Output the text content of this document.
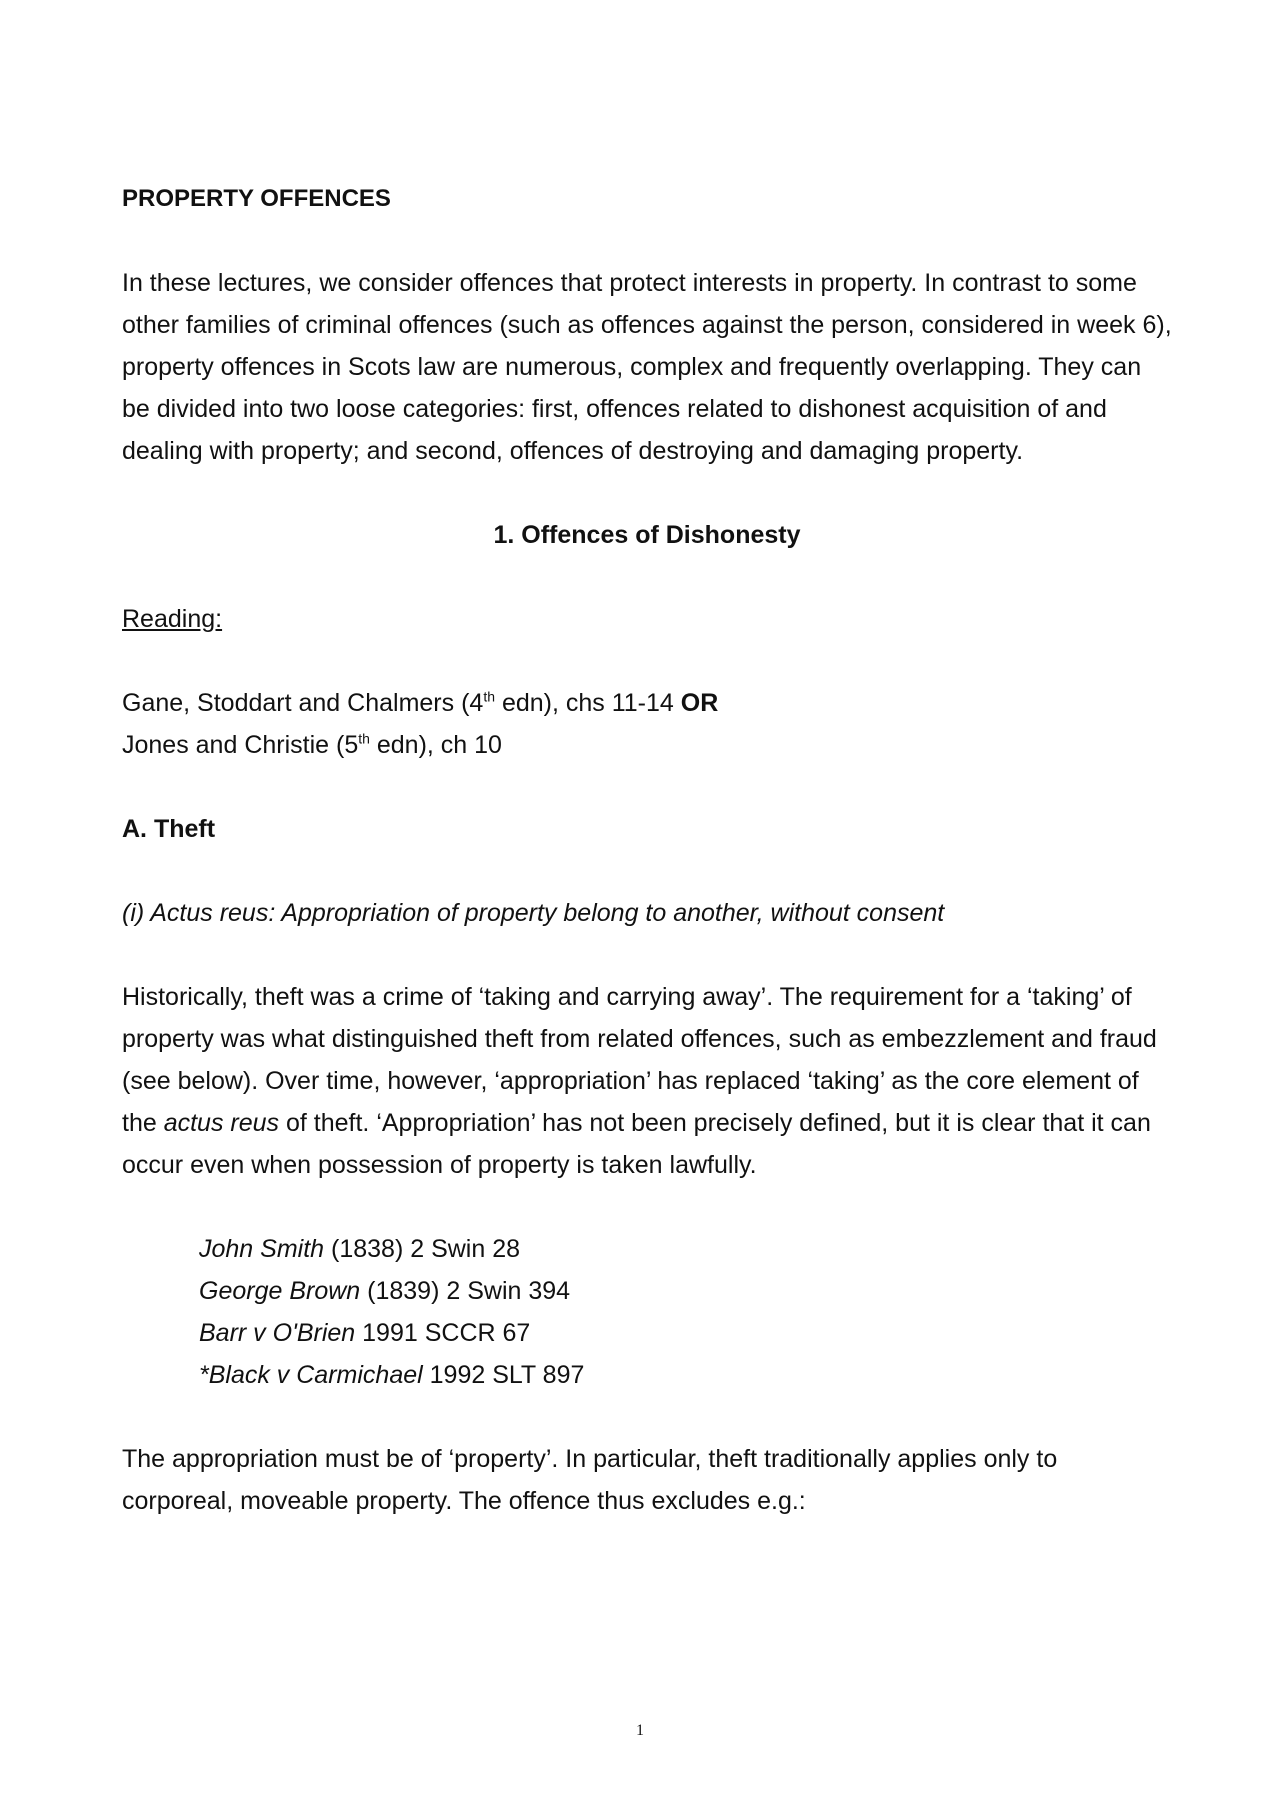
PROPERTY OFFENCES

In these lectures, we consider offences that protect interests in property. In contrast to some other families of criminal offences (such as offences against the person, considered in week 6), property offences in Scots law are numerous, complex and frequently overlapping. They can be divided into two loose categories: first, offences related to dishonest acquisition of and dealing with property; and second, offences of destroying and damaging property.

1. Offences of Dishonesty

Reading:

Gane, Stoddart and Chalmers (4th edn), chs 11-14 OR
Jones and Christie (5th edn), ch 10

A. Theft

(i) Actus reus: Appropriation of property belong to another, without consent

Historically, theft was a crime of ‘taking and carrying away’. The requirement for a ‘taking’ of property was what distinguished theft from related offences, such as embezzlement and fraud (see below). Over time, however, ‘appropriation’ has replaced ‘taking’ as the core element of the actus reus of theft. ‘Appropriation’ has not been precisely defined, but it is clear that it can occur even when possession of property is taken lawfully.

John Smith (1838) 2 Swin 28
George Brown (1839) 2 Swin 394
Barr v O'Brien 1991 SCCR 67
*Black v Carmichael 1992 SLT 897

The appropriation must be of ‘property’. In particular, theft traditionally applies only to corporeal, moveable property. The offence thus excludes e.g.:

1
